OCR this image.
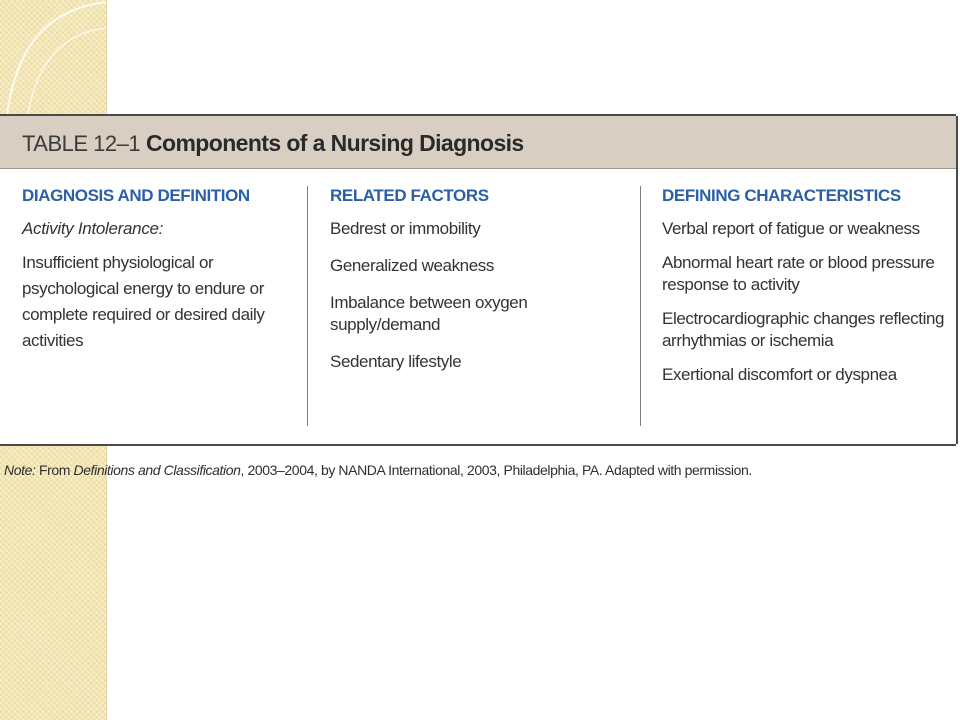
TABLE 12–1 Components of a Nursing Diagnosis
DIAGNOSIS AND DEFINITION
Activity Intolerance:
Insufficient physiological or psychological energy to endure or complete required or desired daily activities
RELATED FACTORS
Bedrest or immobility
Generalized weakness
Imbalance between oxygen supply/demand
Sedentary lifestyle
DEFINING CHARACTERISTICS
Verbal report of fatigue or weakness
Abnormal heart rate or blood pressure response to activity
Electrocardiographic changes reflecting arrhythmias or ischemia
Exertional discomfort or dyspnea
Note: From Definitions and Classification, 2003–2004, by NANDA International, 2003, Philadelphia, PA. Adapted with permission.
